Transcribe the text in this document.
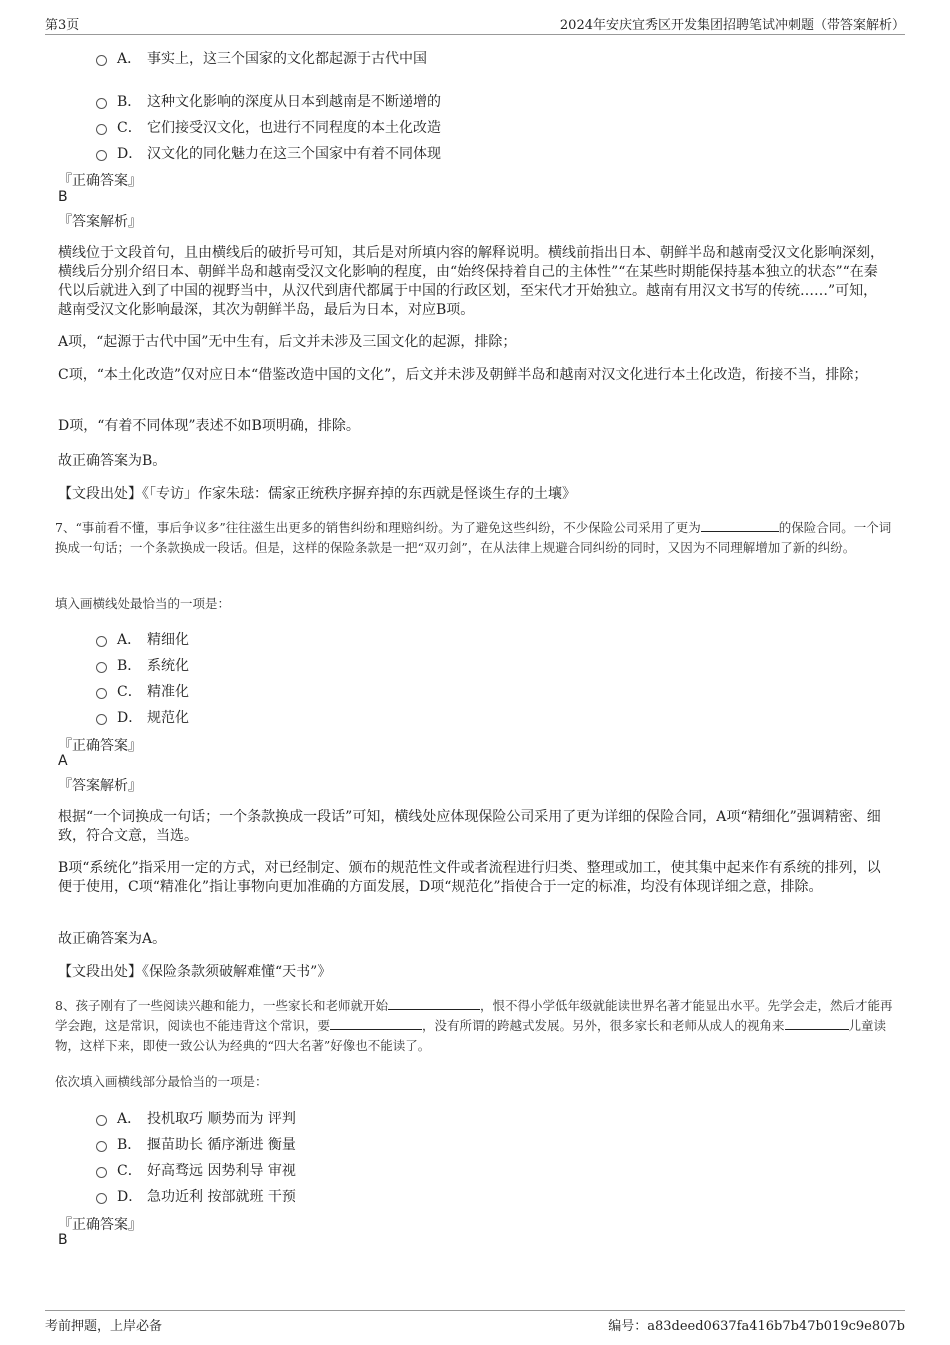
第3页	2024年安庆宜秀区开发集团招聘笔试冲刺题（带答案解析）
A． 事实上，这三个国家的文化都起源于古代中国
B． 这种文化影响的深度从日本到越南是不断递增的
C． 它们接受汉文化，也进行不同程度的本土化改造
D． 汉文化的同化魅力在这三个国家中有着不同体现
『正确答案』
B
『答案解析』
横线位于文段首句，且由横线后的破折号可知，其后是对所填内容的解释说明。横线前指出日本、朝鲜半岛和越南受汉文化影响深刻，横线后分别介绍日本、朝鲜半岛和越南受汉文化影响的程度，由“始终保持着自己的主体性”“在某些时期能保持基本独立的状态”“在秦代以后就进入到了中国的视野当中，从汉代到唐代都属于中国的行政区划，至宋代才开始独立。越南有用汉文书写的传统……”可知，越南受汉文化影响最深，其次为朝鲜半岛，最后为日本，对应B项。
A项，“起源于古代中国”无中生有，后文并未涉及三国文化的起源，排除；
C项，“本土化改造”仅对应日本“借鉴改造中国的文化”，后文并未涉及朝鲜半岛和越南对汉文化进行本土化改造，衔接不当，排除；
D项，“有着不同体现”表述不如B项明确，排除。
故正确答案为B。
【文段出处】《「专访」作家朱琺：儒家正统秩序摒弃掉的东西就是怪谈生存的土壤》
7、“事前看不懂，事后争议多”往往滋生出更多的销售纠纷和理赔纠纷。为了避免这些纠纷，不少保险公司采用了更为	的保险合同。一个词换成一句话；一个条款换成一段话。但是，这样的保险条款是一把“双刃剑”，在从法律上规避合同纠纷的同时，又因为不同理解增加了新的纠纷。
填入画横线处最恰当的一项是：
A． 精细化
B． 系统化
C． 精准化
D． 规范化
『正确答案』
A
『答案解析』
根据“一个词换成一句话；一个条款换成一段话”可知，横线处应体现保险公司采用了更为详细的保险合同，A项“精细化”强调精密、细致，符合文意，当选。
B项“系统化”指采用一定的方式，对已经制定、颁布的规范性文件或者流程进行归类、整理或加工，使其集中起来作有系统的排列，以便于使用，C项“精准化”指让事物向更加准确的方面发展，D项“规范化”指使合于一定的标准，均没有体现详细之意，排除。
故正确答案为A。
【文段出处】《保险条款须破解难懂“天书”》
8、孩子刚有了一些阅读兴趣和能力，一些家长和老师就开始	，恨不得小学低年级就能读世界名著才能显出水平。先学会走，然后才能再学会跑，这是常识，阅读也不能违背这个常识，要	，没有所谓的跨越式发展。另外，很多家长和老师从成人的视角来	儿童读物，这样下来，即使一致公认为经典的“四大名著”好像也不能读了。
依次填入画横线部分最恰当的一项是：
A． 投机取巧 顺势而为 评判
B． 揠苗助长 循序渐进 衡量
C． 好高骛远 因势利导 审视
D． 急功近利 按部就班 干预
『正确答案』
B
考前押题，上岸必备	编号：a83deed0637fa416b7b47b019c9e807b
